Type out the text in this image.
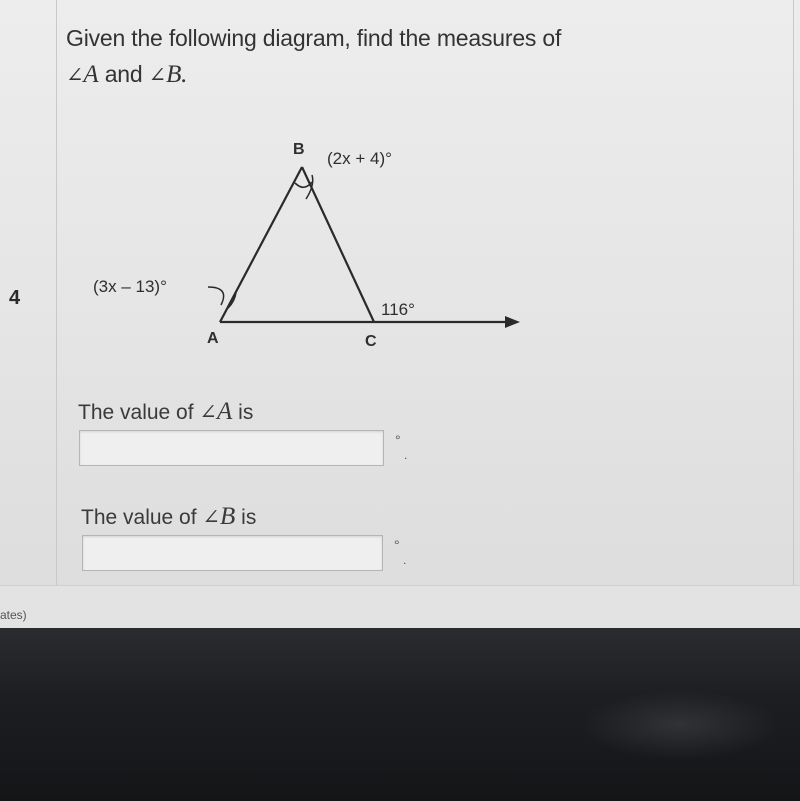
4
Given the following diagram, find the measures of
∠A and ∠B.
B (2x + 4)°
(3x – 13)°
116°
A	C
The value of ∠A is
°
.
The value of ∠B is
°
.
ates)
